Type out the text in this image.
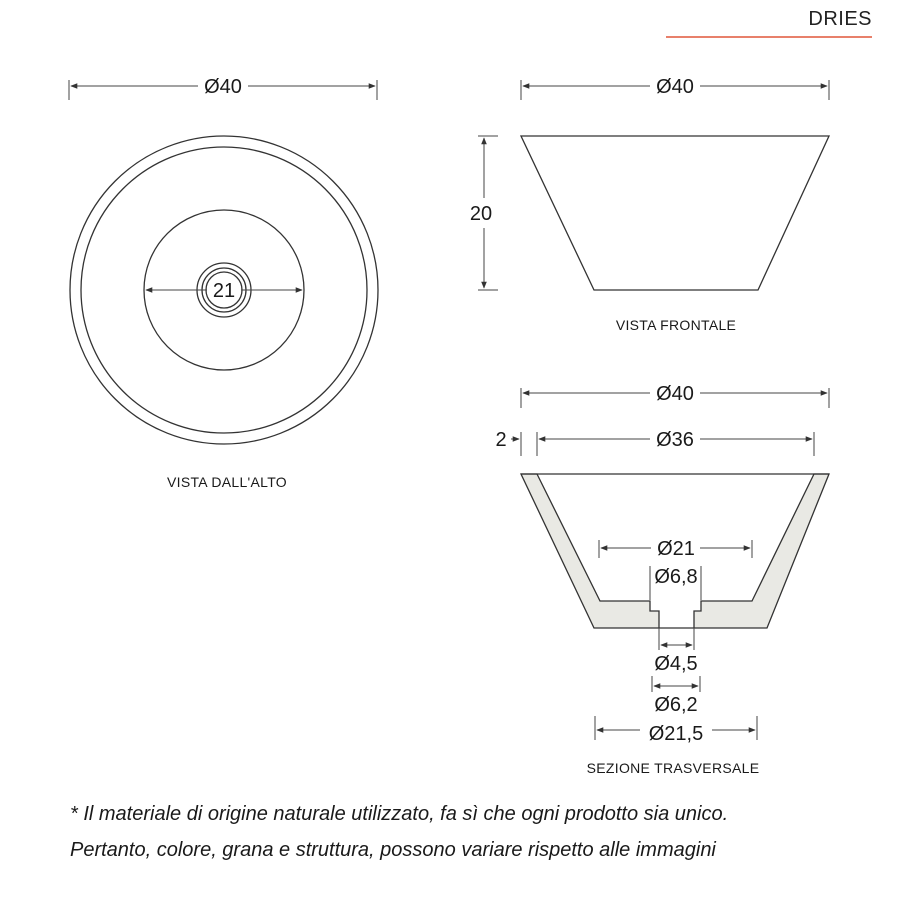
DRIES
Ø40
21
VISTA DALL'ALTO
Ø40
20
VISTA FRONTALE
Ø40
2	Ø36
Ø21
Ø6,8
Ø4,5
Ø6,2
Ø21,5
SEZIONE TRASVERSALE
* Il materiale di origine naturale utilizzato, fa sì che ogni prodotto sia unico.
Pertanto, colore, grana e struttura, possono variare rispetto alle immagini
